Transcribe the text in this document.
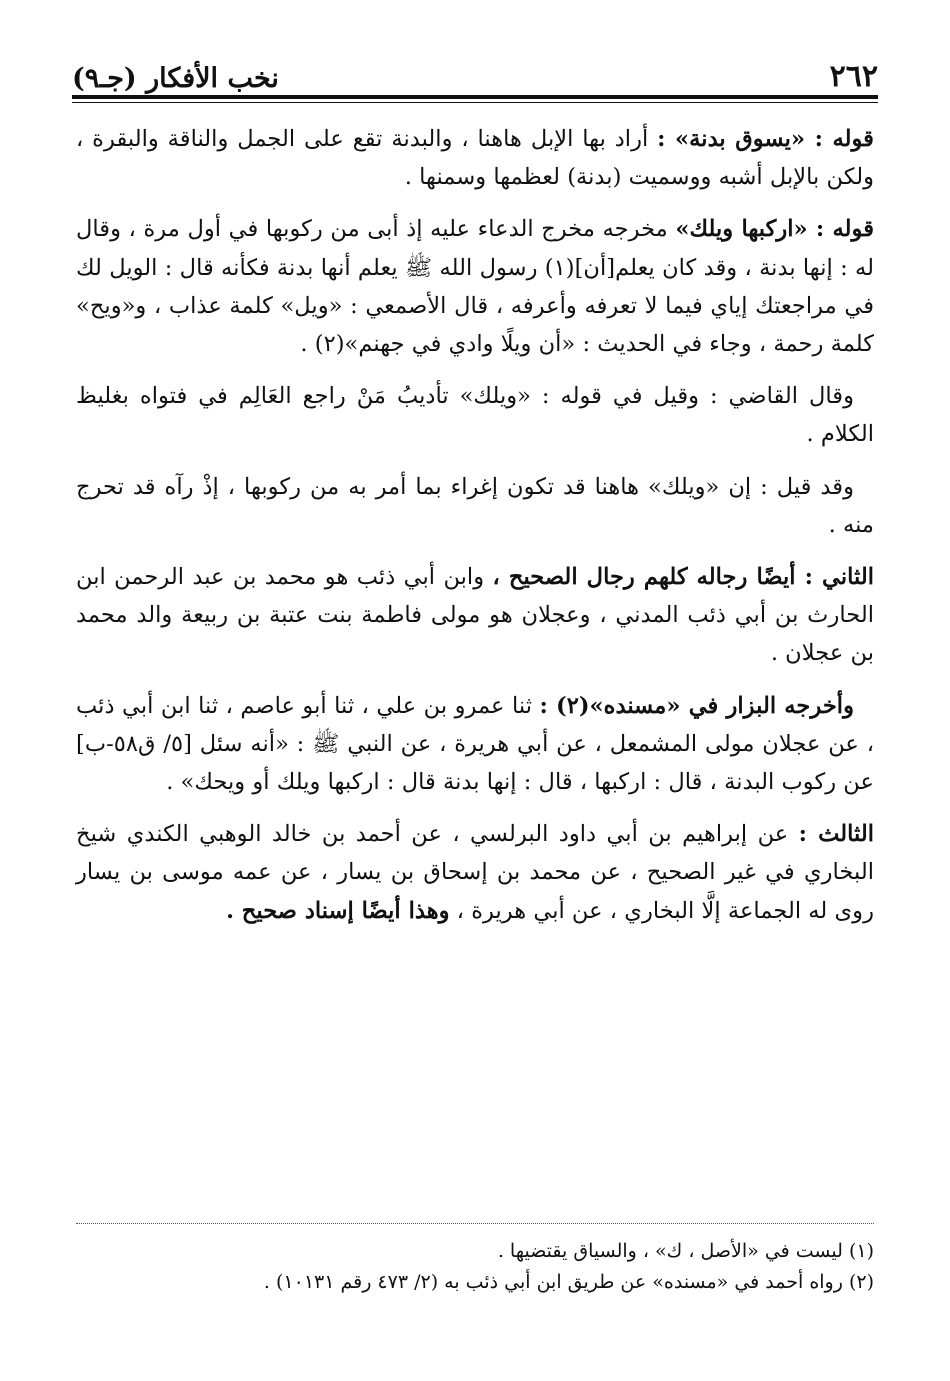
٢٦٢
نخب الأفكار (جـ٩)

قوله : «يسوق بدنة» : أراد بها الإبل هاهنا ، والبدنة تقع على الجمل والناقة والبقرة ، ولكن بالإبل أشبه ووسميت (بدنة) لعظمها وسمنها .

قوله : «اركبها ويلك» مخرجه مخرج الدعاء عليه إذ أبى من ركوبها في أول مرة ، وقال له : إنها بدنة ، وقد كان يعلم[أن](١) رسول الله ﷺ يعلم أنها بدنة فكأنه قال : الويل لك في مراجعتك إياي فيما لا تعرفه وأعرفه ، قال الأصمعي : «ويل» كلمة عذاب ، و«ويح» كلمة رحمة ، وجاء في الحديث : «أن ويلًا وادي في جهنم»(٢) .

وقال القاضي : وقيل في قوله : «ويلك» تأديبُ مَنْ راجع العَالِم في فتواه بغليظ الكلام .

وقد قيل : إن «ويلك» هاهنا قد تكون إغراء بما أمر به من ركوبها ، إذْ رآه قد تحرج منه .

الثاني : أيضًا رجاله كلهم رجال الصحيح ، وابن أبي ذئب هو محمد بن عبد الرحمن ابن الحارث بن أبي ذئب المدني ، وعجلان هو مولى فاطمة بنت عتبة بن ربيعة والد محمد بن عجلان .

وأخرجه البزار في «مسنده»(٢) : ثنا عمرو بن علي ، ثنا أبو عاصم ، ثنا ابن أبي ذئب ، عن عجلان مولى المشمعل ، عن أبي هريرة ، عن النبي ﷺ : «أنه سئل [٥/ ق٥٨-ب] عن ركوب البدنة ، قال : اركبها ، قال : إنها بدنة قال : اركبها ويلك أو ويحك» .

الثالث : عن إبراهيم بن أبي داود البرلسي ، عن أحمد بن خالد الوهبي الكندي شيخ البخاري في غير الصحيح ، عن محمد بن إسحاق بن يسار ، عن عمه موسى بن يسار روى له الجماعة إلَّا البخاري ، عن أبي هريرة ، وهذا أيضًا إسناد صحيح .

(١) ليست في «الأصل ، ك» ، والسياق يقتضيها .

(٢) رواه أحمد في «مسنده» عن طريق ابن أبي ذئب به (٢/ ٤٧٣ رقم ١٠١٣١) .
